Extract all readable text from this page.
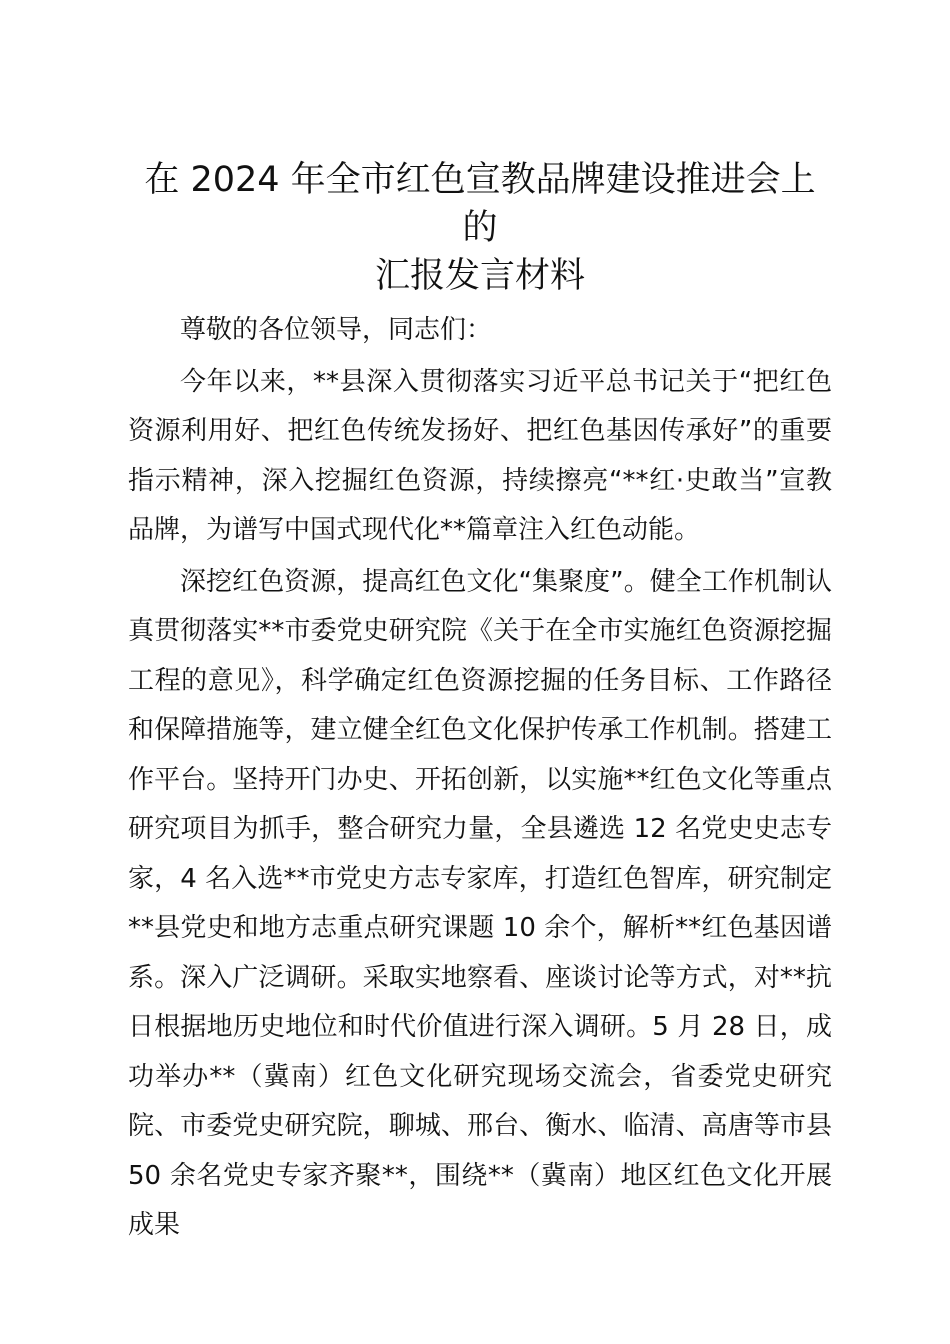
在 2024 年全市红色宣教品牌建设推进会上的
汇报发言材料

尊敬的各位领导，同志们：

今年以来，**县深入贯彻落实习近平总书记关于“把红色资源利用好、把红色传统发扬好、把红色基因传承好”的重要指示精神，深入挖掘红色资源，持续擦亮“**红·史敢当”宣教品牌，为谱写中国式现代化**篇章注入红色动能。

深挖红色资源，提高红色文化“集聚度”。健全工作机制认真贯彻落实**市委党史研究院《关于在全市实施红色资源挖掘工程的意见》，科学确定红色资源挖掘的任务目标、工作路径和保障措施等，建立健全红色文化保护传承工作机制。搭建工作平台。坚持开门办史、开拓创新，以实施**红色文化等重点研究项目为抓手，整合研究力量，全县遴选 12 名党史史志专家，4 名入选**市党史方志专家库，打造红色智库，研究制定**县党史和地方志重点研究课题 10 余个，解析**红色基因谱系。深入广泛调研。采取实地察看、座谈讨论等方式，对**抗日根据地历史地位和时代价值进行深入调研。5 月 28 日，成功举办**（冀南）红色文化研究现场交流会，省委党史研究院、市委党史研究院，聊城、邢台、衡水、临清、高唐等市县 50 余名党史专家齐聚**，围绕**（冀南）地区红色文化开展成果
